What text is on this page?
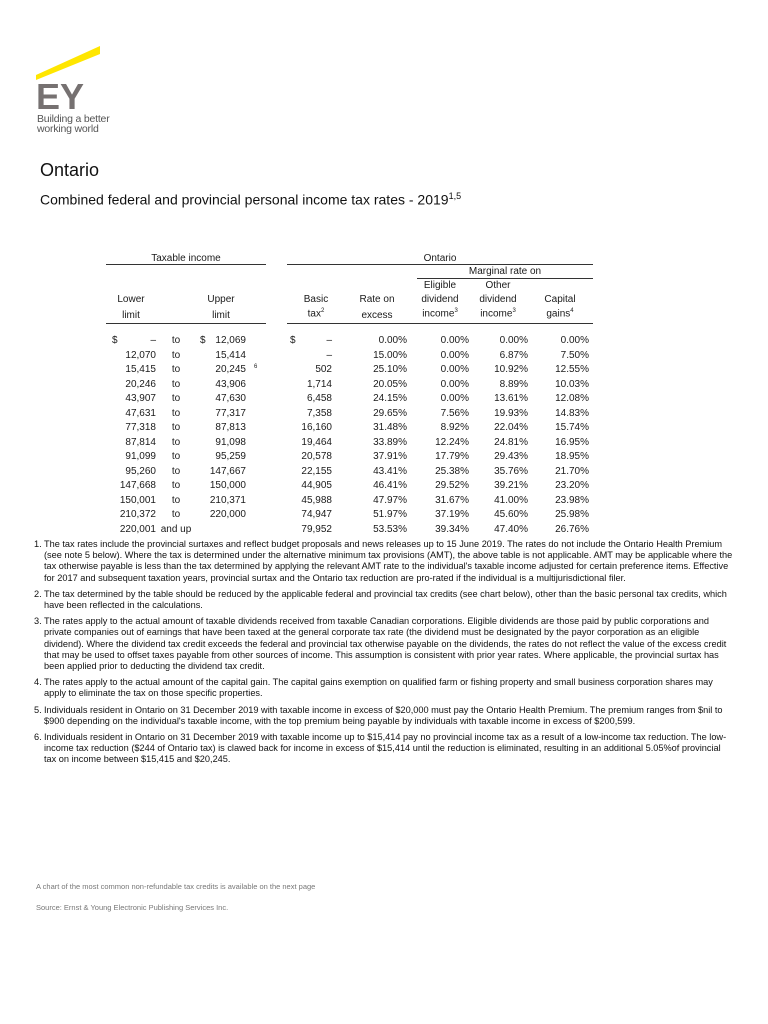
EY
Building a better
working world
Ontario
Combined federal and provincial personal income tax rates - 2019$^{1,5}$
Taxable income	Ontario
Marginal rate on
Lower
limit
Upper
limit
Basic
tax$^2$
Rate on
excess
Eligible
dividend
income$^3$
Other
dividend
income$^3$
Capital
gains$^4$
$	$	$
6
–	to	12,069	–	0.00%	0.00%	0.00%	0.00%
12,070	to	15,414	–	15.00%	0.00%	6.87%	7.50%
15,415	to	20,245	502	25.10%	0.00%	10.92%	12.55%
20,246	to	43,906	1,714	20.05%	0.00%	8.89%	10.03%
43,907	to	47,630	6,458	24.15%	0.00%	13.61%	12.08%
47,631	to	77,317	7,358	29.65%	7.56%	19.93%	14.83%
77,318	to	87,813	16,160	31.48%	8.92%	22.04%	15.74%
87,814	to	91,098	19,464	33.89%	12.24%	24.81%	16.95%
91,099	to	95,259	20,578	37.91%	17.79%	29.43%	18.95%
95,260	to	147,667	22,155	43.41%	25.38%	35.76%	21.70%
147,668	to	150,000	44,905	46.41%	29.52%	39.21%	23.20%
150,001	to	210,371	45,988	47.97%	31.67%	41.00%	23.98%
210,372	to	220,000	74,947	51.97%	37.19%	45.60%	25.98%
220,001 and up	79,952	53.53%	39.34%	47.40%	26.76%
1. The tax rates include the provincial surtaxes and reflect budget proposals and news releases up to 15 June 2019. The rates do not include the Ontario Health Premium (see note 5 below). Where the tax is determined under the alternative minimum tax provisions (AMT), the above table is not applicable. AMT may be applicable where the tax otherwise payable is less than the tax determined by applying the relevant AMT rate to the individual's taxable income adjusted for certain preference items. Effective for 2017 and subsequent taxation years, provincial surtax and the Ontario tax reduction are pro-rated if the individual is a multijurisdictional filer.
2. The tax determined by the table should be reduced by the applicable federal and provincial tax credits (see chart below), other than the basic personal tax credits, which have been reflected in the calculations.
3. The rates apply to the actual amount of taxable dividends received from taxable Canadian corporations. Eligible dividends are those paid by public corporations and private companies out of earnings that have been taxed at the general corporate tax rate (the dividend must be designated by the payor corporation as an eligible dividend). Where the dividend tax credit exceeds the federal and provincial tax otherwise payable on the dividends, the rates do not reflect the value of the excess credit that may be used to offset taxes payable from other sources of income. This assumption is consistent with prior year rates. Where applicable, the provincial surtax has been applied prior to deducting the dividend tax credit.
4. The rates apply to the actual amount of the capital gain. The capital gains exemption on qualified farm or fishing property and small business corporation shares may apply to eliminate the tax on those specific properties.
5. Individuals resident in Ontario on 31 December 2019 with taxable income in excess of $20,000 must pay the Ontario Health Premium. The premium ranges from $nil to $900 depending on the individual's taxable income, with the top premium being payable by individuals with taxable income in excess of $200,599.
6. Individuals resident in Ontario on 31 December 2019 with taxable income up to $15,414 pay no provincial income tax as a result of a low-income tax reduction. The low-income tax reduction ($244 of Ontario tax) is clawed back for income in excess of $15,414 until the reduction is eliminated, resulting in an additional 5.05%of provincial tax on income between $15,415 and $20,245.
A chart of the most common non-refundable tax credits is available on the next page
Source: Ernst & Young Electronic Publishing Services Inc.
